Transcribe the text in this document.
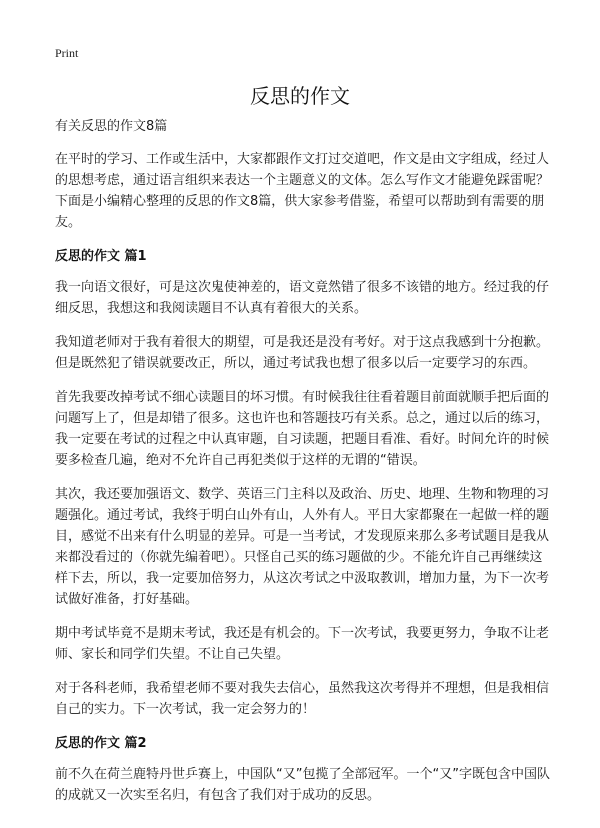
Print
反思的作文

有关反思的作文8篇

在平时的学习、工作或生活中，大家都跟作文打过交道吧，作文是由文字组成，经过人的思想考虑，通过语言组织来表达一个主题意义的文体。怎么写作文才能避免踩雷呢？下面是小编精心整理的反思的作文8篇，供大家参考借鉴，希望可以帮助到有需要的朋友。

反思的作文 篇1

我一向语文很好，可是这次鬼使神差的，语文竟然错了很多不该错的地方。经过我的仔细反思，我想这和我阅读题目不认真有着很大的关系。

我知道老师对于我有着很大的期望，可是我还是没有考好。对于这点我感到十分抱歉。但是既然犯了错误就要改正，所以，通过考试我也想了很多以后一定要学习的东西。

首先我要改掉考试不细心读题目的坏习惯。有时候我往往看着题目前面就顺手把后面的问题写上了，但是却错了很多。这也许也和答题技巧有关系。总之，通过以后的练习，我一定要在考试的过程之中认真审题，自习读题，把题目看准、看好。时间允许的时候要多检查几遍，绝对不允许自己再犯类似于这样的无谓的“错误。

其次，我还要加强语文、数学、英语三门主科以及政治、历史、地理、生物和物理的习题强化。通过考试，我终于明白山外有山，人外有人。平日大家都聚在一起做一样的题目，感觉不出来有什么明显的差异。可是一当考试，才发现原来那么多考试题目是我从来都没看过的（你就先编着吧）。只怪自己买的练习题做的少。不能允许自己再继续这样下去，所以，我一定要加倍努力，从这次考试之中汲取教训，增加力量，为下一次考试做好准备，打好基础。

期中考试毕竟不是期末考试，我还是有机会的。下一次考试，我要更努力，争取不让老师、家长和同学们失望。不让自己失望。

对于各科老师，我希望老师不要对我失去信心，虽然我这次考得并不理想，但是我相信自己的实力。下一次考试，我一定会努力的！

反思的作文 篇2

前不久在荷兰鹿特丹世乒赛上，中国队“又”包揽了全部冠军。一个“又”字既包含中国队的成就又一次实至名归，有包含了我们对于成功的反思。
